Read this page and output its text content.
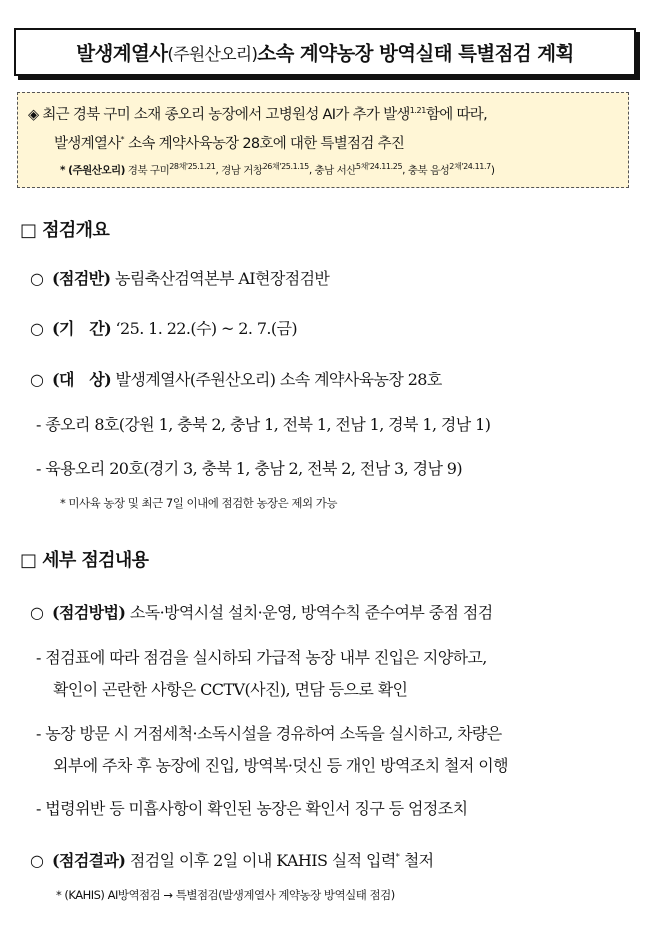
발생계열사 (주원산오리) 소속 계약농장 방역실태 특별점검 계획
◈ 최근 경북 구미 소재 종오리 농장에서 고병원성 AI가 추가 발생$^{1.21}$함에 따라,
발생계열사* 소속 계약사육농장 28호에 대한 특별점검 추진
* (주원산오리) 경북 구미$^{28채'25.1.21}$, 경남 거창$^{26채'25.1.15}$, 충남 서산$^{5채'24.11.25}$, 충북 음성$^{2채'24.11.7}$)
□ 점검개요
○ (점검반) 농림축산검역본부 AI현장점검반
○ (기　간) ‘25. 1. 22.(수) ~ 2. 7.(금)
○ (대　상) 발생계열사(주원산오리) 소속 계약사육농장 28호
- 종오리 8호(강원 1, 충북 2, 충남 1, 전북 1, 전남 1, 경북 1, 경남 1)
- 육용오리 20호(경기 3, 충북 1, 충남 2, 전북 2, 전남 3, 경남 9)
* 미사육 농장 및 최근 7일 이내에 점검한 농장은 제외 가능
□ 세부 점검내용
○ (점검방법) 소독·방역시설 설치·운영, 방역수칙 준수여부 중점 점검
- 점검표에 따라 점검을 실시하되 가급적 농장 내부 진입은 지양하고,
확인이 곤란한 사항은 CCTV(사진), 면담 등으로 확인
- 농장 방문 시 거점세척·소독시설을 경유하여 소독을 실시하고, 차량은
외부에 주차 후 농장에 진입, 방역복·덧신 등 개인 방역조치 철저 이행
- 법령위반 등 미흡사항이 확인된 농장은 확인서 징구 등 엄정조치
○ (점검결과) 점검일 이후 2일 이내 KAHIS 실적 입력* 철저
* (KAHIS) AI방역점검 → 특별점검(발생계열사 계약농장 방역실태 점검)
